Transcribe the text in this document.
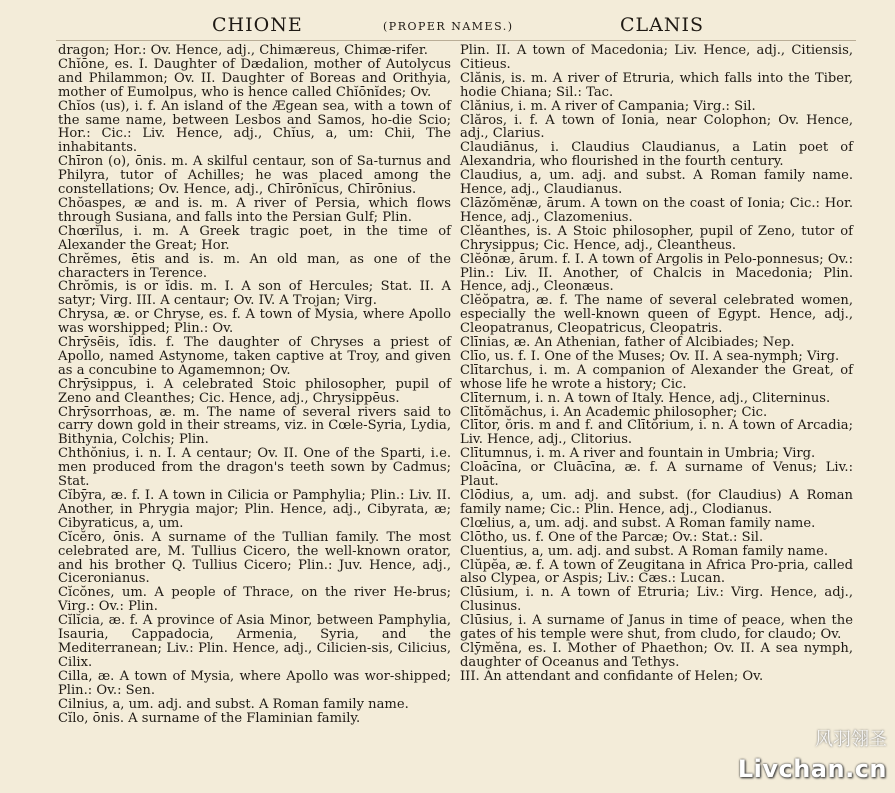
CHIONE	(PROPER NAMES.)	CLANIS

dragon; Hor.: Ov. Hence, adj., Chimæreus, Chimæ-rifer.

Chĭōne, es. I. Daughter of Dædalion, mother of Autolycus and Philammon; Ov. II. Daughter of Boreas and Orithyia, mother of Eumolpus, who is hence called Chĭōnĭdes; Ov.

Chĭos (us), i. f. An island of the Ægean sea, with a town of the same name, between Lesbos and Samos, ho-die Scio; Hor.: Cic.: Liv. Hence, adj., Chĭus, a, um: Chii, The inhabitants.

Chīron (o), ōnis. m. A skilful centaur, son of Sa-turnus and Philyra, tutor of Achilles; he was placed among the constellations; Ov. Hence, adj., Chīrōnĭcus, Chīrōnius.

Chŏaspes, æ and is. m. A river of Persia, which flows through Susiana, and falls into the Persian Gulf; Plin.

Chœrĭlus, i. m. A Greek tragic poet, in the time of Alexander the Great; Hor.

Chrĕmes, ētis and is. m. An old man, as one of the characters in Terence.

Chrŏmis, is or ĭdis. m. I. A son of Hercules; Stat. II. A satyr; Virg. III. A centaur; Ov. IV. A Trojan; Virg.

Chrysa, æ. or Chryse, es. f. A town of Mysia, where Apollo was worshipped; Plin.: Ov.

Chrȳsēis, ĭdis. f. The daughter of Chryses a priest of Apollo, named Astynome, taken captive at Troy, and given as a concubine to Agamemnon; Ov.

Chrȳsippus, i. A celebrated Stoic philosopher, pupil of Zeno and Cleanthes; Cic. Hence, adj., Chrysippēus.

Chrȳsorrhoas, æ. m. The name of several rivers said to carry down gold in their streams, viz. in Cœle-Syria, Lydia, Bithynia, Colchis; Plin.

Chthŏnius, i. n. I. A centaur; Ov. II. One of the Sparti, i.e. men produced from the dragon's teeth sown by Cadmus; Stat.

Cĭbȳra, æ. f. I. A town in Cilicia or Pamphylia; Plin.: Liv. II. Another, in Phrygia major; Plin. Hence, adj., Cibyrata, æ; Cibyraticus, a, um.

Cĭcĕro, ōnis. A surname of the Tullian family. The most celebrated are, M. Tullius Cicero, the well-known orator, and his brother Q. Tullius Cicero; Plin.: Juv. Hence, adj., Ciceronianus.

Cĭcŏnes, um. A people of Thrace, on the river He-brus; Virg.: Ov.: Plin.

Cĭlĭcia, æ. f. A province of Asia Minor, between Pamphylia, Isauria, Cappadocia, Armenia, Syria, and the Mediterranean; Liv.: Plin. Hence, adj., Cilicien-sis, Cilicius, Cilix.

Cilla, æ. A town of Mysia, where Apollo was wor-shipped; Plin.: Ov.: Sen.

Cilnius, a, um. adj. and subst. A Roman family name.

Cĭlo, ōnis. A surname of the Flaminian family.

Plin. II. A town of Macedonia; Liv. Hence, adj., Citiensis, Citieus.

Clănis, is. m. A river of Etruria, which falls into the Tiber, hodie Chiana; Sil.: Tac.

Clănius, i. m. A river of Campania; Virg.: Sil.

Clăros, i. f. A town of Ionia, near Colophon; Ov. Hence, adj., Clarius.

Claudiānus, i. Claudius Claudianus, a Latin poet of Alexandria, who flourished in the fourth century.

Claudius, a, um. adj. and subst. A Roman family name. Hence, adj., Claudianus.

Clāzŏmĕnæ, ārum. A town on the coast of Ionia; Cic.: Hor. Hence, adj., Clazomenius.

Clĕanthes, is. A Stoic philosopher, pupil of Zeno, tutor of Chrysippus; Cic. Hence, adj., Cleantheus.

Clĕōnæ, ārum. f. I. A town of Argolis in Pelo-ponnesus; Ov.: Plin.: Liv. II. Another, of Chalcis in Macedonia; Plin. Hence, adj., Cleonæus.

Clĕŏpatra, æ. f. The name of several celebrated women, especially the well-known queen of Egypt. Hence, adj., Cleopatranus, Cleopatricus, Cleopatris.

Clīnias, æ. An Athenian, father of Alcibiades; Nep.

Clīo, us. f. I. One of the Muses; Ov. II. A sea-nymph; Virg.

Clītarchus, i. m. A companion of Alexander the Great, of whose life he wrote a history; Cic.

Clīternum, i. n. A town of Italy. Hence, adj., Cliterninus.

Clītŏmăchus, i. An Academic philosopher; Cic.

Clītor, ŏris. m and f. and Clītŏrium, i. n. A town of Arcadia; Liv. Hence, adj., Clitorius.

Clītumnus, i. m. A river and fountain in Umbria; Virg.

Cloācīna, or Cluācīna, æ. f. A surname of Venus; Liv.: Plaut.

Clōdius, a, um. adj. and subst. (for Claudius) A Roman family name; Cic.: Plin. Hence, adj., Clodianus.

Clœlius, a, um. adj. and subst. A Roman family name.

Clōtho, us. f. One of the Parcæ; Ov.: Stat.: Sil.

Cluentius, a, um. adj. and subst. A Roman family name.

Clŭpĕa, æ. f. A town of Zeugitana in Africa Pro-pria, called also Clypea, or Aspis; Liv.: Cæs.: Lucan.

Clūsium, i. n. A town of Etruria; Liv.: Virg. Hence, adj., Clusinus.

Clūsius, i. A surname of Janus in time of peace, when the gates of his temple were shut, from cludo, for claudo; Ov.

Clȳmĕna, es. I. Mother of Phaethon; Ov. II. A sea nymph, daughter of Oceanus and Tethys.

III. An attendant and confidante of Helen; Ov.

风羽翎圣
Livchan.cn
